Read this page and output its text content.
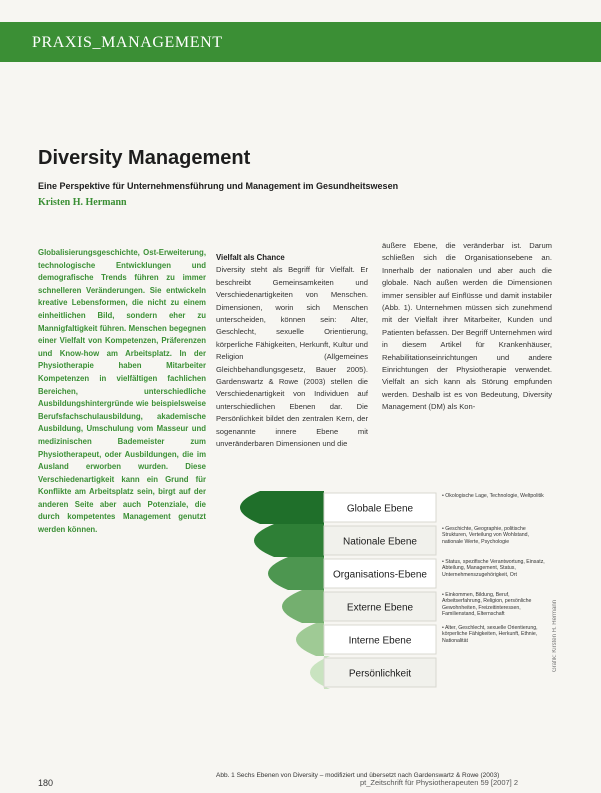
PRAXIS_MANAGEMENT
Diversity Management
Eine Perspektive für Unternehmensführung und Management im Gesundheitswesen
Kristen H. Hermann
Globalisierungsgeschichte, Ost-Erweiterung, technologische Entwicklungen und demografische Trends führen zu immer schnelleren Veränderungen. Sie entwickeln kreative Lebensformen, die nicht zu einem einheitlichen Bild, sondern eher zu Mannigfaltigkeit führen. Menschen begegnen einer Vielfalt von Kompetenzen, Präferenzen und Know-how am Arbeitsplatz. In der Physiotherapie haben Mitarbeiter Kompetenzen in vielfältigen fachlichen Bereichen, unterschiedliche Ausbildungshintergründe wie beispielsweise Berufsfachschulausbildung, akademische Ausbildung, Umschulung vom Masseur und medizinischen Bademeister zum Physiotherapeut, oder Ausbildungen, die im Ausland erworben wurden. Diese Verschiedenartigkeit kann ein Grund für Konflikte am Arbeitsplatz sein, birgt auf der anderen Seite aber auch Potenziale, die durch kompetentes Management genutzt werden können.

Vielfalt als Chance

Diversity steht als Begriff für Vielfalt. Er beschreibt Gemeinsamkeiten und Verschiedenartigkeiten von Menschen. Dimensionen, worin sich Menschen unterscheiden, können sein: Alter, Geschlecht, sexuelle Orientierung, körperliche Fähigkeiten, Herkunft, Kultur und Religion (Allgemeines Gleichbehandlungsgesetz, Bauer 2005). Gardenswartz & Rowe (2003) stellen die Verschiedenartigkeit von Individuen auf unterschiedlichen Ebenen dar. Die Persönlichkeit bildet den zentralen Kern, der sogenannte innere Ebene mit unveränderbaren Dimensionen und die

äußere Ebene, die veränderbar ist. Darum schließen sich die Organisationsebene an. Innerhalb der nationalen und aber auch die globale. Nach außen werden die Dimensionen immer sensibler auf Einflüsse und damit instabiler (Abb. 1). Unternehmen müssen sich zunehmend mit der Vielfalt ihrer Mitarbeiter, Kunden und Patienten befassen. Der Begriff Unternehmen wird in diesem Artikel für Krankenhäuser, Rehabilitationseinrichtungen und andere Einrichtungen der Physiotherapie verwendet. Vielfalt an sich kann als Störung empfunden werden. Deshalb ist es von Bedeutung, Diversity Management (DM) als Kon-

Globale Ebene
• Ökologische Lage, Technologie, Weltpolitik
Nationale Ebene
• Geschichte, Geographie, politische Strukturen, Verteilung von Wohlstand, nationale Werte, Psychologie
Organisations-Ebene
• Status, spezifische Verantwortung, Einsatz, Abteilung, Management, Status, Unternehmenszugehörigkeit, Ort
Externe Ebene
• Einkommen, Bildung, Beruf, Arbeitserfahrung, Religion, persönliche Gewohnheiten, Freizeitinteressen, Familienstand, Elternschaft
Interne Ebene
• Alter, Geschlecht, sexuelle Orientierung, körperliche Fähigkeiten, Herkunft, Ethnie, Nationalität
Persönlichkeit
Grafik: Kirsten H. Hermann
Abb. 1 Sechs Ebenen von Diversity – modifiziert und übersetzt nach Gardenswartz & Rowe (2003)
180	pt_Zeitschrift für Physiotherapeuten 59 [2007] 2
